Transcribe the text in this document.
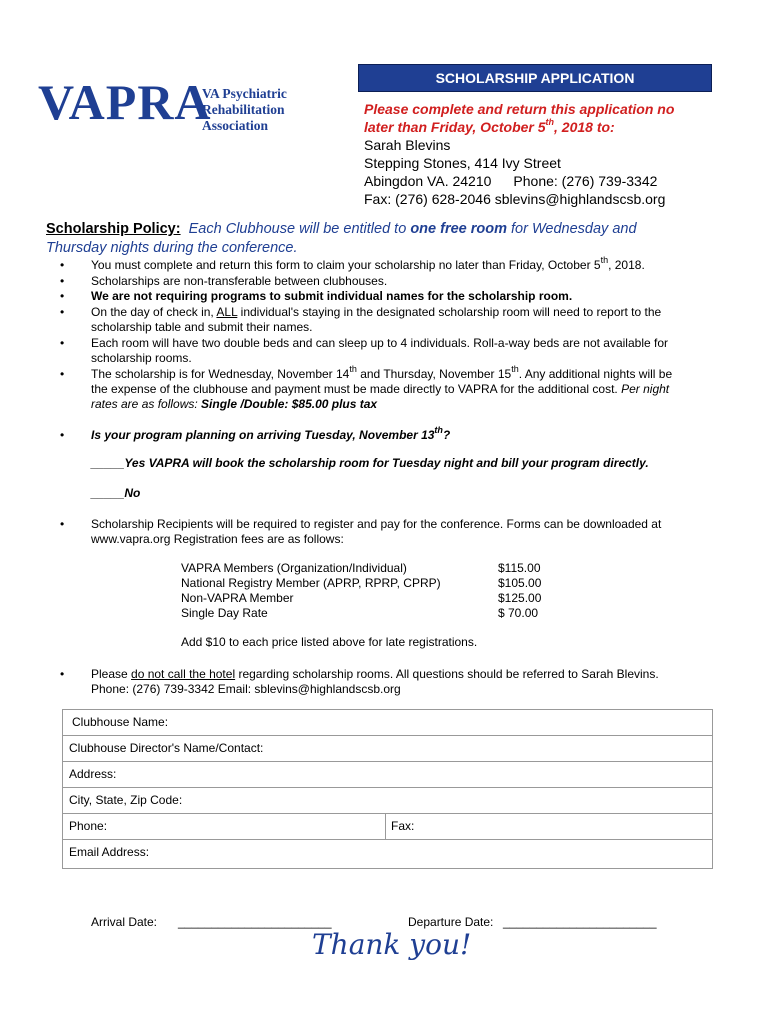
VAPRA
VA Psychiatric
Rehabilitation Association
SCHOLARSHIP APPLICATION
Please complete and return this application no
later than Friday, October 5th, 2018 to:
Sarah Blevins
Stepping Stones, 414 Ivy Street
Abingdon VA. 24210 Phone: (276) 739-3342
Fax: (276) 628-2046 sblevins@highlandscsb.org
Scholarship Policy: Each Clubhouse will be entitled to one free room for Wednesday and
Thursday nights during the conference.
• You must complete and return this form to claim your scholarship no later than Friday, October 5th, 2018.
• Scholarships are non-transferable between clubhouses.
• We are not requiring programs to submit individual names for the scholarship room.
• On the day of check in, ALL individual's staying in the designated scholarship room will need to report to the
scholarship table and submit their names.
• Each room will have two double beds and can sleep up to 4 individuals. Roll-a-way beds are not available for
scholarship rooms.
• The scholarship is for Wednesday, November 14th and Thursday, November 15th. Any additional nights will be
the expense of the clubhouse and payment must be made directly to VAPRA for the additional cost. Per night
rates are as follows: Single /Double: $85.00 plus tax
• Is your program planning on arriving Tuesday, November 13th?
_____Yes VAPRA will book the scholarship room for Tuesday night and bill your program directly.
_____No
• Scholarship Recipients will be required to register and pay for the conference. Forms can be downloaded at
www.vapra.org Registration fees are as follows:
Add $10 to each price listed above for late registrations.
• Please do not call the hotel regarding scholarship rooms. All questions should be referred to Sarah Blevins.
Phone: (276) 739-3342 Email: sblevins@highlandscsb.org
VAPRA Members (Organization/Individual)	$115.00
National Registry Member (APRP, RPRP, CPRP)	$105.00
Non-VAPRA Member	$125.00
Single Day Rate	$ 70.00
Clubhouse Name:
Clubhouse Director's Name/Contact:
Address:
City, State, Zip Code:
Phone:	Fax:
Email Address:
Arrival Date: _______________________	Departure Date: _______________________
Thank you!
